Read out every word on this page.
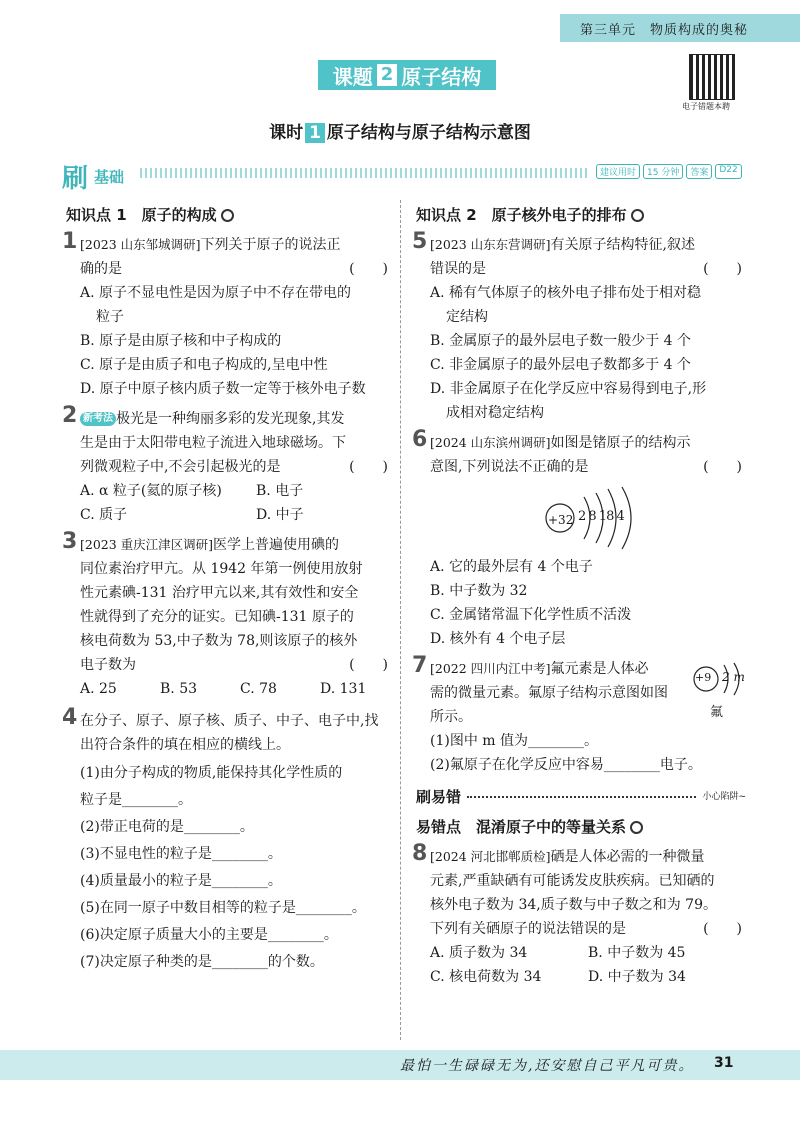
第三单元　物质构成的奥秘
课题 2 原子结构
电子错题本聘
课时 1 原子结构与原子结构示意图
刷 基础	建议用时	15 分钟	答案	D22
知识点 1　原子的构成
1 [2023 山东邹城调研]下列关于原子的说法正
确的是	(　　)
A. 原子不显电性是因为原子中不存在带电的
粒子
B. 原子是由原子核和中子构成的
C. 原子是由质子和电子构成的,呈电中性
D. 原子中原子核内质子数一定等于核外电子数
2 新考法 极光是一种绚丽多彩的发光现象,其发
生是由于太阳带电粒子流进入地球磁场。下
列微观粒子中,不会引起极光的是	(　　)
A. α 粒子(氦的原子核)	B. 电子
C. 质子	D. 中子
3 [2023 重庆江津区调研]医学上普遍使用碘的
同位素治疗甲亢。从 1942 年第一例使用放射
性元素碘-131 治疗甲亢以来,其有效性和安全
性就得到了充分的证实。已知碘-131 原子的
核电荷数为 53,中子数为 78,则该原子的核外
电子数为	(　　)
A. 25	B. 53	C. 78	D. 131
4 在分子、原子、原子核、质子、中子、电子中,找
出符合条件的填在相应的横线上。
(1)由分子构成的物质,能保持其化学性质的
粒子是________。
(2)带正电荷的是________。
(3)不显电性的粒子是________。
(4)质量最小的粒子是________。
(5)在同一原子中数目相等的粒子是________。
(6)决定原子质量大小的主要是________。
(7)决定原子种类的是________的个数。
知识点 2　原子核外电子的排布
5 [2023 山东东营调研]有关原子结构特征,叙述
错误的是	(　　)
A. 稀有气体原子的核外电子排布处于相对稳
定结构
B. 金属原子的最外层电子数一般少于 4 个
C. 非金属原子的最外层电子数都多于 4 个
D. 非金属原子在化学反应中容易得到电子,形
成相对稳定结构
6 [2024 山东滨州调研]如图是锗原子的结构示
意图,下列说法不正确的是	(　　)
+32 2 8 18 4
A. 它的最外层有 4 个电子
B. 中子数为 32
C. 金属锗常温下化学性质不活泼
D. 核外有 4 个电子层
7 [2022 四川内江中考]氟元素是人体必
需的微量元素。氟原子结构示意图如图
所示。
+9 2 m
氟
(1)图中 m 值为________。
(2)氟原子在化学反应中容易________电子。
刷易错	小心陷阱~
易错点　混淆原子中的等量关系
8 [2024 河北邯郸质检]硒是人体必需的一种微量
元素,严重缺硒有可能诱发皮肤疾病。已知硒的
核外电子数为 34,质子数与中子数之和为 79。
下列有关硒原子的说法错误的是	(　　)
A. 质子数为 34	B. 中子数为 45
C. 核电荷数为 34	D. 中子数为 34
最怕一生碌碌无为,还安慰自己平凡可贵。 31
